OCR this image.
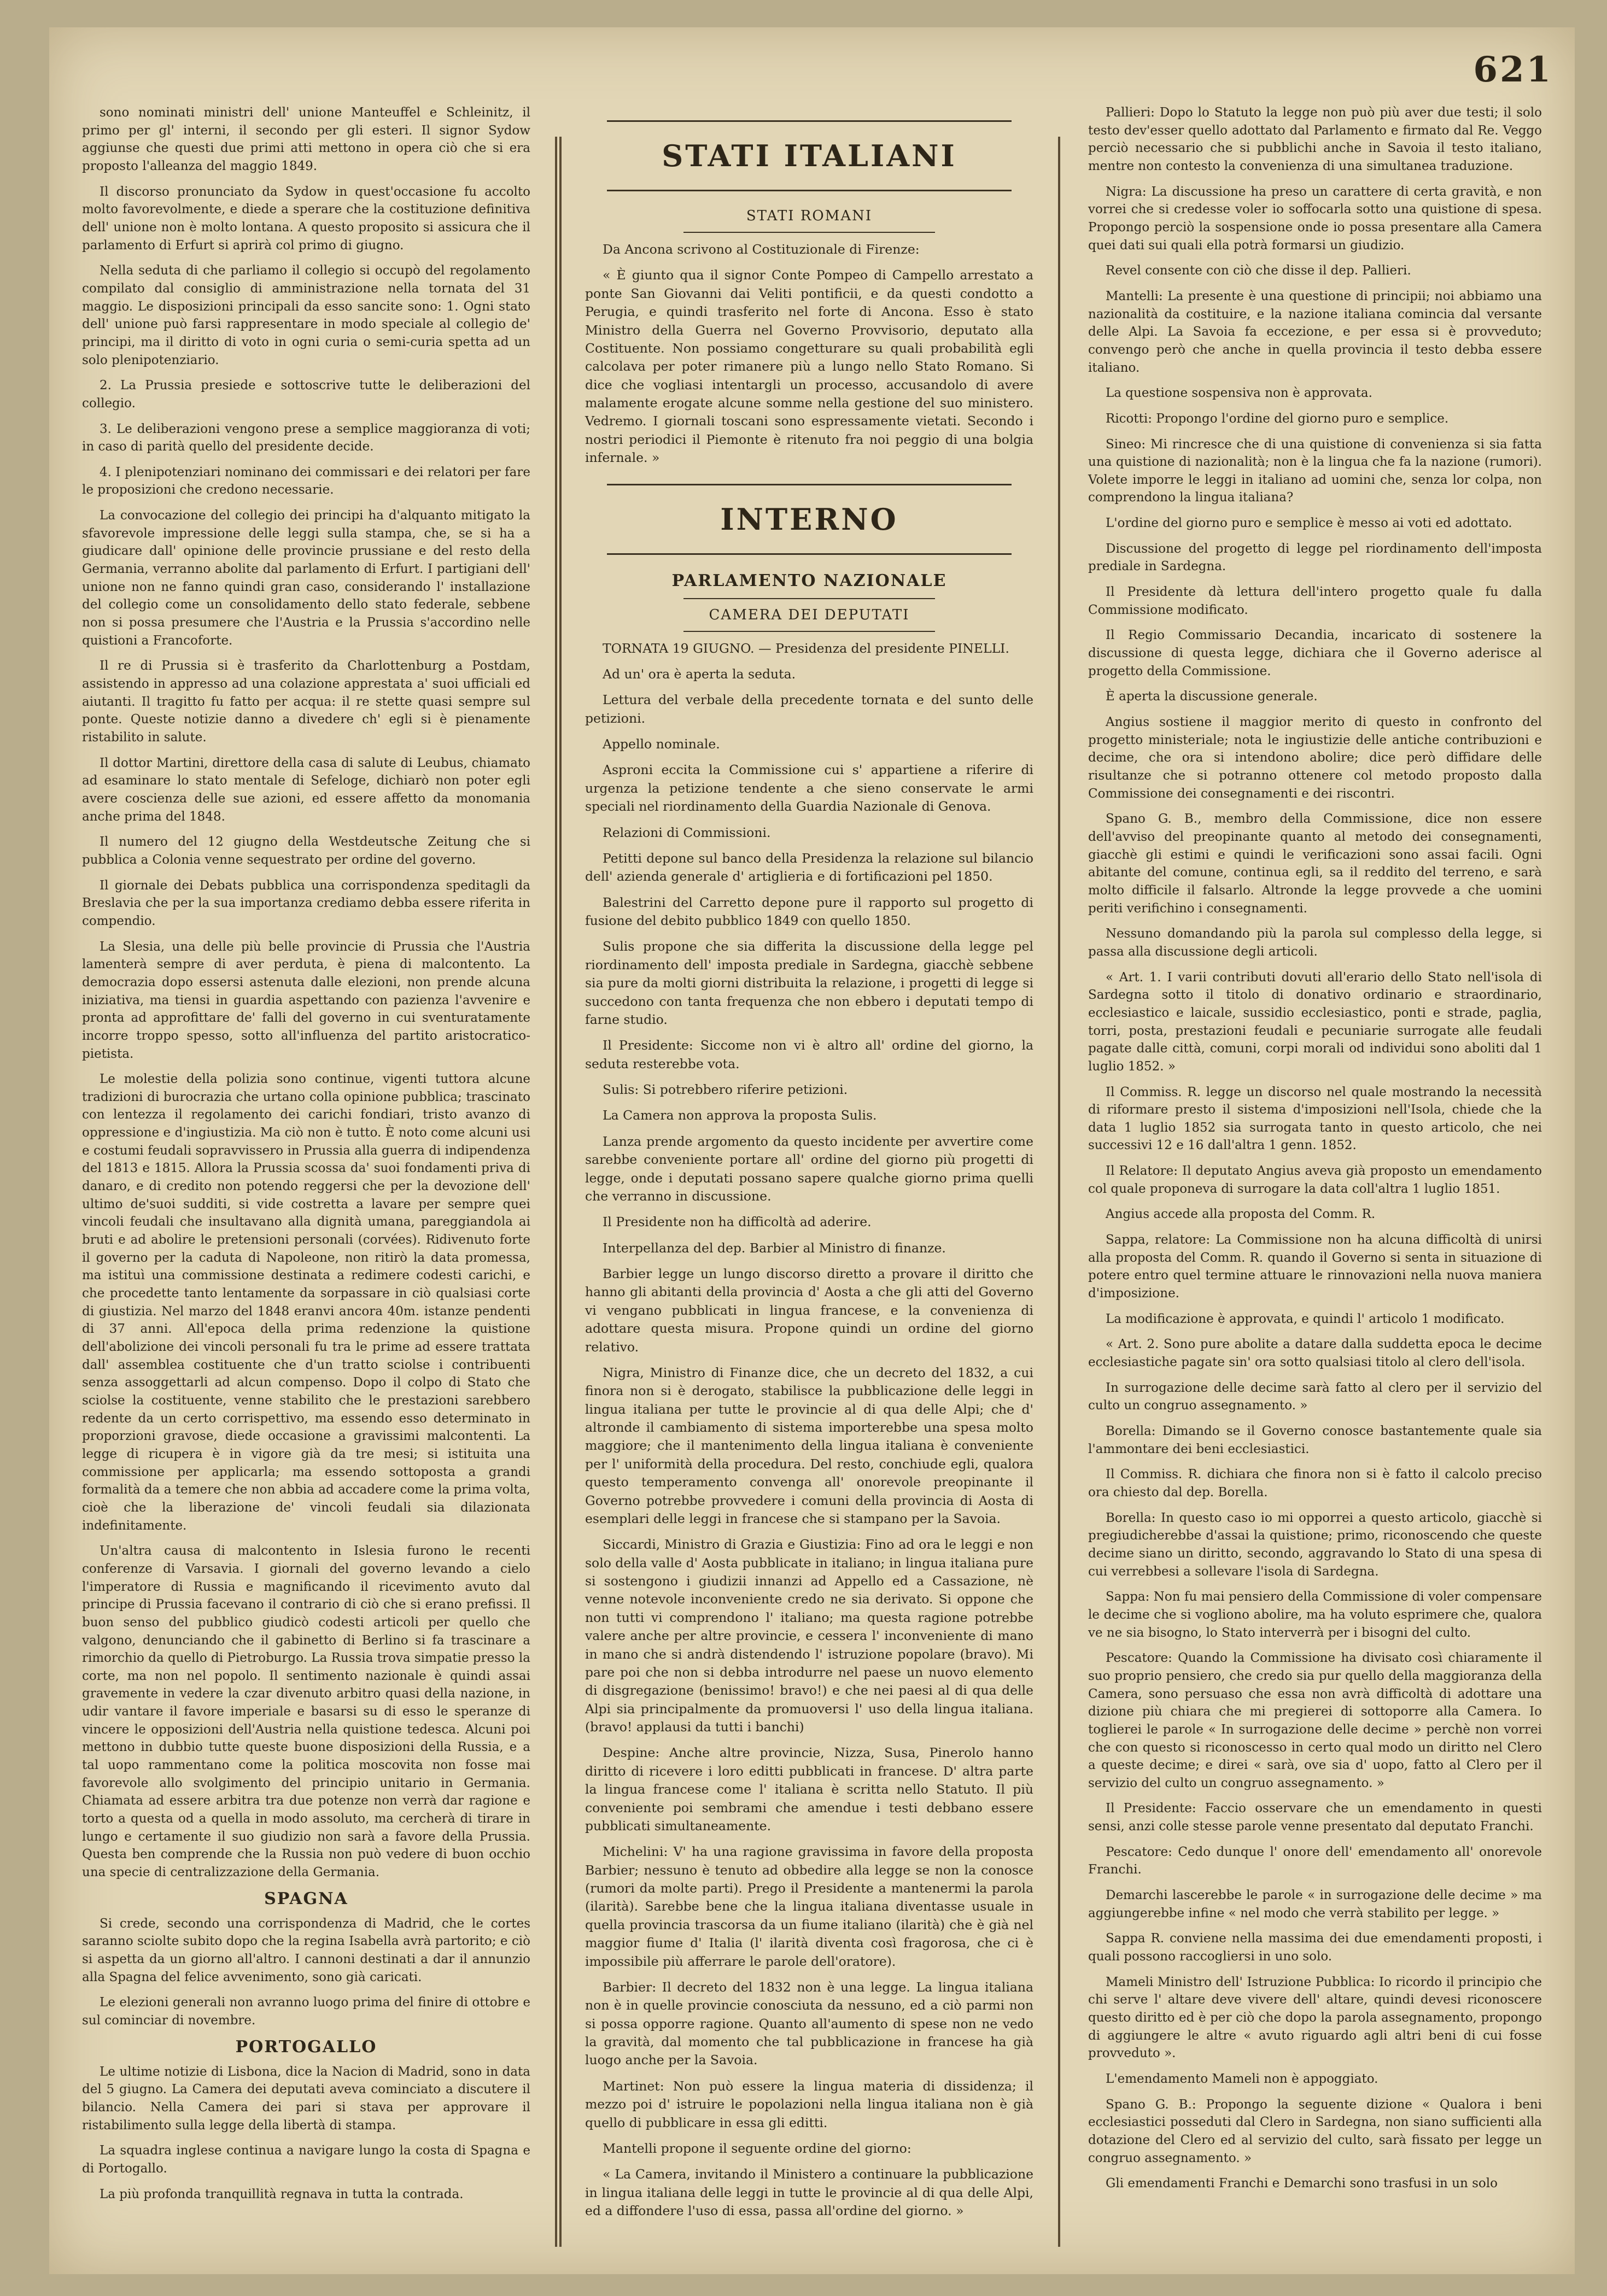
621

sono nominati ministri dell' unione Manteuffel e Schleinitz, il primo per gl' interni, il secondo per gli esteri. Il signor Sydow aggiunse che questi due primi atti mettono in opera ciò che si era proposto l'alleanza del maggio 1849.

Il discorso pronunciato da Sydow in quest'occasione fu accolto molto favorevolmente, e diede a sperare che la costituzione definitiva dell' unione non è molto lontana. A questo proposito si assicura che il parlamento di Erfurt si aprirà col primo di giugno.

Nella seduta di che parliamo il collegio si occupò del regolamento compilato dal consiglio di amministrazione nella tornata del 31 maggio. Le disposizioni principali da esso sancite sono: 1. Ogni stato dell' unione può farsi rappresentare in modo speciale al collegio de' principi, ma il diritto di voto in ogni curia o semi-curia spetta ad un solo plenipotenziario.

2. La Prussia presiede e sottoscrive tutte le deliberazioni del collegio.

3. Le deliberazioni vengono prese a semplice maggioranza di voti; in caso di parità quello del presidente decide.

4. I plenipotenziari nominano dei commissari e dei relatori per fare le proposizioni che credono necessarie.

La convocazione del collegio dei principi ha d'alquanto mitigato la sfavorevole impressione delle leggi sulla stampa, che, se si ha a giudicare dall' opinione delle provincie prussiane e del resto della Germania, verranno abolite dal parlamento di Erfurt. I partigiani dell' unione non ne fanno quindi gran caso, considerando l' installazione del collegio come un consolidamento dello stato federale, sebbene non si possa presumere che l'Austria e la Prussia s'accordino nelle quistioni a Francoforte.

Il re di Prussia si è trasferito da Charlottenburg a Postdam, assistendo in appresso ad una colazione apprestata a' suoi ufficiali ed aiutanti. Il tragitto fu fatto per acqua: il re stette quasi sempre sul ponte. Queste notizie danno a divedere ch' egli si è pienamente ristabilito in salute.

Il dottor Martini, direttore della casa di salute di Leubus, chiamato ad esaminare lo stato mentale di Sefeloge, dichiarò non poter egli avere coscienza delle sue azioni, ed essere affetto da monomania anche prima del 1848.

Il numero del 12 giugno della Westdeutsche Zeitung che si pubblica a Colonia venne sequestrato per ordine del governo.

Il giornale dei Debats pubblica una corrispondenza speditagli da Breslavia che per la sua importanza crediamo debba essere riferita in compendio.

La Slesia, una delle più belle provincie di Prussia che l'Austria lamenterà sempre di aver perduta, è piena di malcontento. La democrazia dopo essersi astenuta dalle elezioni, non prende alcuna iniziativa, ma tiensi in guardia aspettando con pazienza l'avvenire e pronta ad approfittare de' falli del governo in cui sventuratamente incorre troppo spesso, sotto all'influenza del partito aristocratico-pietista.

Le molestie della polizia sono continue, vigenti tuttora alcune tradizioni di burocrazia che urtano colla opinione pubblica; trascinato con lentezza il regolamento dei carichi fondiari, tristo avanzo di oppressione e d'ingiustizia. Ma ciò non è tutto. È noto come alcuni usi e costumi feudali sopravvissero in Prussia alla guerra di indipendenza del 1813 e 1815. Allora la Prussia scossa da' suoi fondamenti priva di danaro, e di credito non potendo reggersi che per la devozione dell' ultimo de'suoi sudditi, si vide costretta a lavare per sempre quei vincoli feudali che insultavano alla dignità umana, pareggiandola ai bruti e ad abolire le pretensioni personali (corvées). Ridivenuto forte il governo per la caduta di Napoleone, non ritirò la data promessa, ma istituì una commissione destinata a redimere codesti carichi, e che procedette tanto lentamente da sorpassare in ciò qualsiasi corte di giustizia. Nel marzo del 1848 eranvi ancora 40m. istanze pendenti di 37 anni. All'epoca della prima redenzione la quistione dell'abolizione dei vincoli personali fu tra le prime ad essere trattata dall' assemblea costituente che d'un tratto sciolse i contribuenti senza assoggettarli ad alcun compenso. Dopo il colpo di Stato che sciolse la costituente, venne stabilito che le prestazioni sarebbero redente da un certo corrispettivo, ma essendo esso determinato in proporzioni gravose, diede occasione a gravissimi malcontenti. La legge di ricupera è in vigore già da tre mesi; si istituita una commissione per applicarla; ma essendo sottoposta a grandi formalità da a temere che non abbia ad accadere come la prima volta, cioè che la liberazione de' vincoli feudali sia dilazionata indefinitamente.

Un'altra causa di malcontento in Islesia furono le recenti conferenze di Varsavia. I giornali del governo levando a cielo l'imperatore di Russia e magnificando il ricevimento avuto dal principe di Prussia facevano il contrario di ciò che si erano prefissi. Il buon senso del pubblico giudicò codesti articoli per quello che valgono, denunciando che il gabinetto di Berlino si fa trascinare a rimorchio da quello di Pietroburgo. La Russia trova simpatie presso la corte, ma non nel popolo. Il sentimento nazionale è quindi assai gravemente in vedere la czar divenuto arbitro quasi della nazione, in udir vantare il favore imperiale e basarsi su di esso le speranze di vincere le opposizioni dell'Austria nella quistione tedesca. Alcuni poi mettono in dubbio tutte queste buone disposizioni della Russia, e a tal uopo rammentano come la politica moscovita non fosse mai favorevole allo svolgimento del principio unitario in Germania. Chiamata ad essere arbitra tra due potenze non verrà dar ragione e torto a questa od a quella in modo assoluto, ma cercherà di tirare in lungo e certamente il suo giudizio non sarà a favore della Prussia. Questa ben comprende che la Russia non può vedere di buon occhio una specie di centralizzazione della Germania.

SPAGNA

Si crede, secondo una corrispondenza di Madrid, che le cortes saranno sciolte subito dopo che la regina Isabella avrà partorito; e ciò si aspetta da un giorno all'altro. I cannoni destinati a dar il annunzio alla Spagna del felice avvenimento, sono già caricati.

Le elezioni generali non avranno luogo prima del finire di ottobre e sul cominciar di novembre.

PORTOGALLO

Le ultime notizie di Lisbona, dice la Nacion di Madrid, sono in data del 5 giugno. La Camera dei deputati aveva cominciato a discutere il bilancio. Nella Camera dei pari si stava per approvare il ristabilimento sulla legge della libertà di stampa.

La squadra inglese continua a navigare lungo la costa di Spagna e di Portogallo.

La più profonda tranquillità regnava in tutta la contrada.

STATI ITALIANI
STATI ROMANI

Da Ancona scrivono al Costituzionale di Firenze:

« È giunto qua il signor Conte Pompeo di Campello arrestato a ponte San Giovanni dai Veliti pontificii, e da questi condotto a Perugia, e quindi trasferito nel forte di Ancona. Esso è stato Ministro della Guerra nel Governo Provvisorio, deputato alla Costituente. Non possiamo congetturare su quali probabilità egli calcolava per poter rimanere più a lungo nello Stato Romano. Si dice che vogliasi intentargli un processo, accusandolo di avere malamente erogate alcune somme nella gestione del suo ministero. Vedremo. I giornali toscani sono espressamente vietati. Secondo i nostri periodici il Piemonte è ritenuto fra noi peggio di una bolgia infernale. »

INTERNO
PARLAMENTO NAZIONALE
CAMERA DEI DEPUTATI

TORNATA 19 GIUGNO. — Presidenza del presidente PINELLI.

Ad un' ora è aperta la seduta.

Lettura del verbale della precedente tornata e del sunto delle petizioni.

Appello nominale.

Asproni eccita la Commissione cui s' appartiene a riferire di urgenza la petizione tendente a che sieno conservate le armi speciali nel riordinamento della Guardia Nazionale di Genova.

Relazioni di Commissioni.

Petitti depone sul banco della Presidenza la relazione sul bilancio dell' azienda generale d' artiglieria e di fortificazioni pel 1850.

Balestrini del Carretto depone pure il rapporto sul progetto di fusione del debito pubblico 1849 con quello 1850.

Sulis propone che sia differita la discussione della legge pel riordinamento dell' imposta prediale in Sardegna, giacchè sebbene sia pure da molti giorni distribuita la relazione, i progetti di legge si succedono con tanta frequenza che non ebbero i deputati tempo di farne studio.

Il Presidente: Siccome non vi è altro all' ordine del giorno, la seduta resterebbe vota.

Sulis: Si potrebbero riferire petizioni.

La Camera non approva la proposta Sulis.

Lanza prende argomento da questo incidente per avvertire come sarebbe conveniente portare all' ordine del giorno più progetti di legge, onde i deputati possano sapere qualche giorno prima quelli che verranno in discussione.

Il Presidente non ha difficoltà ad aderire.

Interpellanza del dep. Barbier al Ministro di finanze.

Barbier legge un lungo discorso diretto a provare il diritto che hanno gli abitanti della provincia d' Aosta a che gli atti del Governo vi vengano pubblicati in lingua francese, e la convenienza di adottare questa misura. Propone quindi un ordine del giorno relativo.

Nigra, Ministro di Finanze dice, che un decreto del 1832, a cui finora non si è derogato, stabilisce la pubblicazione delle leggi in lingua italiana per tutte le provincie al di qua delle Alpi; che d' altronde il cambiamento di sistema importerebbe una spesa molto maggiore; che il mantenimento della lingua italiana è conveniente per l' uniformità della procedura. Del resto, conchiude egli, qualora questo temperamento convenga all' onorevole preopinante il Governo potrebbe provvedere i comuni della provincia di Aosta di esemplari delle leggi in francese che si stampano per la Savoia.

Siccardi, Ministro di Grazia e Giustizia: Fino ad ora le leggi e non solo della valle d' Aosta pubblicate in italiano; in lingua italiana pure si sostengono i giudizii innanzi ad Appello ed a Cassazione, nè venne notevole inconveniente credo ne sia derivato. Si oppone che non tutti vi comprendono l' italiano; ma questa ragione potrebbe valere anche per altre provincie, e cessera l' inconveniente di mano in mano che si andrà distendendo l' istruzione popolare (bravo). Mi pare poi che non si debba introdurre nel paese un nuovo elemento di disgregazione (benissimo! bravo!) e che nei paesi al di qua delle Alpi sia principalmente da promuoversi l' uso della lingua italiana. (bravo! applausi da tutti i banchi)

Despine: Anche altre provincie, Nizza, Susa, Pinerolo hanno diritto di ricevere i loro editti pubblicati in francese. D' altra parte la lingua francese come l' italiana è scritta nello Statuto. Il più conveniente poi sembrami che amendue i testi debbano essere pubblicati simultaneamente.

Michelini: V' ha una ragione gravissima in favore della proposta Barbier; nessuno è tenuto ad obbedire alla legge se non la conosce (rumori da molte parti). Prego il Presidente a mantenermi la parola (ilarità). Sarebbe bene che la lingua italiana diventasse usuale in quella provincia trascorsa da un fiume italiano (ilarità) che è già nel maggior fiume d' Italia (l' ilarità diventa così fragorosa, che ci è impossibile più afferrare le parole dell'oratore).

Barbier: Il decreto del 1832 non è una legge. La lingua italiana non è in quelle provincie conosciuta da nessuno, ed a ciò parmi non si possa opporre ragione. Quanto all'aumento di spese non ne vedo la gravità, dal momento che tal pubblicazione in francese ha già luogo anche per la Savoia.

Martinet: Non può essere la lingua materia di dissidenza; il mezzo poi d' istruire le popolazioni nella lingua italiana non è già quello di pubblicare in essa gli editti.

Mantelli propone il seguente ordine del giorno:

« La Camera, invitando il Ministero a continuare la pubblicazione in lingua italiana delle leggi in tutte le provincie al di qua delle Alpi, ed a diffondere l'uso di essa, passa all'ordine del giorno. »

Pallieri: Dopo lo Statuto la legge non può più aver due testi; il solo testo dev'esser quello adottato dal Parlamento e firmato dal Re. Veggo perciò necessario che si pubblichi anche in Savoia il testo italiano, mentre non contesto la convenienza di una simultanea traduzione.

Nigra: La discussione ha preso un carattere di certa gravità, e non vorrei che si credesse voler io soffocarla sotto una quistione di spesa. Propongo perciò la sospensione onde io possa presentare alla Camera quei dati sui quali ella potrà formarsi un giudizio.

Revel consente con ciò che disse il dep. Pallieri.

Mantelli: La presente è una questione di principii; noi abbiamo una nazionalità da costituire, e la nazione italiana comincia dal versante delle Alpi. La Savoia fa eccezione, e per essa si è provveduto; convengo però che anche in quella provincia il testo debba essere italiano.

La questione sospensiva non è approvata.

Ricotti: Propongo l'ordine del giorno puro e semplice.

Sineo: Mi rincresce che di una quistione di convenienza si sia fatta una quistione di nazionalità; non è la lingua che fa la nazione (rumori). Volete imporre le leggi in italiano ad uomini che, senza lor colpa, non comprendono la lingua italiana?

L'ordine del giorno puro e semplice è messo ai voti ed adottato.

Discussione del progetto di legge pel riordinamento dell'imposta prediale in Sardegna.

Il Presidente dà lettura dell'intero progetto quale fu dalla Commissione modificato.

Il Regio Commissario Decandia, incaricato di sostenere la discussione di questa legge, dichiara che il Governo aderisce al progetto della Commissione.

È aperta la discussione generale.

Angius sostiene il maggior merito di questo in confronto del progetto ministeriale; nota le ingiustizie delle antiche contribuzioni e decime, che ora si intendono abolire; dice però diffidare delle risultanze che si potranno ottenere col metodo proposto dalla Commissione dei consegnamenti e dei riscontri.

Spano G. B., membro della Commissione, dice non essere dell'avviso del preopinante quanto al metodo dei consegnamenti, giacchè gli estimi e quindi le verificazioni sono assai facili. Ogni abitante del comune, continua egli, sa il reddito del terreno, e sarà molto difficile il falsarlo. Altronde la legge provvede a che uomini periti verifichino i consegnamenti.

Nessuno domandando più la parola sul complesso della legge, si passa alla discussione degli articoli.

« Art. 1. I varii contributi dovuti all'erario dello Stato nell'isola di Sardegna sotto il titolo di donativo ordinario e straordinario, ecclesiastico e laicale, sussidio ecclesiastico, ponti e strade, paglia, torri, posta, prestazioni feudali e pecuniarie surrogate alle feudali pagate dalle città, comuni, corpi morali od individui sono aboliti dal 1 luglio 1852. »

Il Commiss. R. legge un discorso nel quale mostrando la necessità di riformare presto il sistema d'imposizioni nell'Isola, chiede che la data 1 luglio 1852 sia surrogata tanto in questo articolo, che nei successivi 12 e 16 dall'altra 1 genn. 1852.

Il Relatore: Il deputato Angius aveva già proposto un emendamento col quale proponeva di surrogare la data coll'altra 1 luglio 1851.

Angius accede alla proposta del Comm. R.

Sappa, relatore: La Commissione non ha alcuna difficoltà di unirsi alla proposta del Comm. R. quando il Governo si senta in situazione di potere entro quel termine attuare le rinnovazioni nella nuova maniera d'imposizione.

La modificazione è approvata, e quindi l' articolo 1 modificato.

« Art. 2. Sono pure abolite a datare dalla suddetta epoca le decime ecclesiastiche pagate sin' ora sotto qualsiasi titolo al clero dell'isola.

In surrogazione delle decime sarà fatto al clero per il servizio del culto un congruo assegnamento. »

Borella: Dimando se il Governo conosce bastantemente quale sia l'ammontare dei beni ecclesiastici.

Il Commiss. R. dichiara che finora non si è fatto il calcolo preciso ora chiesto dal dep. Borella.

Borella: In questo caso io mi opporrei a questo articolo, giacchè si pregiudicherebbe d'assai la quistione; primo, riconoscendo che queste decime siano un diritto, secondo, aggravando lo Stato di una spesa di cui verrebbesi a sollevare l'isola di Sardegna.

Sappa: Non fu mai pensiero della Commissione di voler compensare le decime che si vogliono abolire, ma ha voluto esprimere che, qualora ve ne sia bisogno, lo Stato interverrà per i bisogni del culto.

Pescatore: Quando la Commissione ha divisato così chiaramente il suo proprio pensiero, che credo sia pur quello della maggioranza della Camera, sono persuaso che essa non avrà difficoltà di adottare una dizione più chiara che mi pregierei di sottoporre alla Camera. Io toglierei le parole « In surrogazione delle decime » perchè non vorrei che con questo si riconoscesso in certo qual modo un diritto nel Clero a queste decime; e direi « sarà, ove sia d' uopo, fatto al Clero per il servizio del culto un congruo assegnamento. »

Il Presidente: Faccio osservare che un emendamento in questi sensi, anzi colle stesse parole venne presentato dal deputato Franchi.

Pescatore: Cedo dunque l' onore dell' emendamento all' onorevole Franchi.

Demarchi lascerebbe le parole « in surrogazione delle decime » ma aggiungerebbe infine « nel modo che verrà stabilito per legge. »

Sappa R. conviene nella massima dei due emendamenti proposti, i quali possono raccogliersi in uno solo.

Mameli Ministro dell' Istruzione Pubblica: Io ricordo il principio che chi serve l' altare deve vivere dell' altare, quindi devesi riconoscere questo diritto ed è per ciò che dopo la parola assegnamento, propongo di aggiungere le altre « avuto riguardo agli altri beni di cui fosse provveduto ».

L'emendamento Mameli non è appoggiato.

Spano G. B.: Propongo la seguente dizione « Qualora i beni ecclesiastici posseduti dal Clero in Sardegna, non siano sufficienti alla dotazione del Clero ed al servizio del culto, sarà fissato per legge un congruo assegnamento. »

Gli emendamenti Franchi e Demarchi sono trasfusi in un solo
